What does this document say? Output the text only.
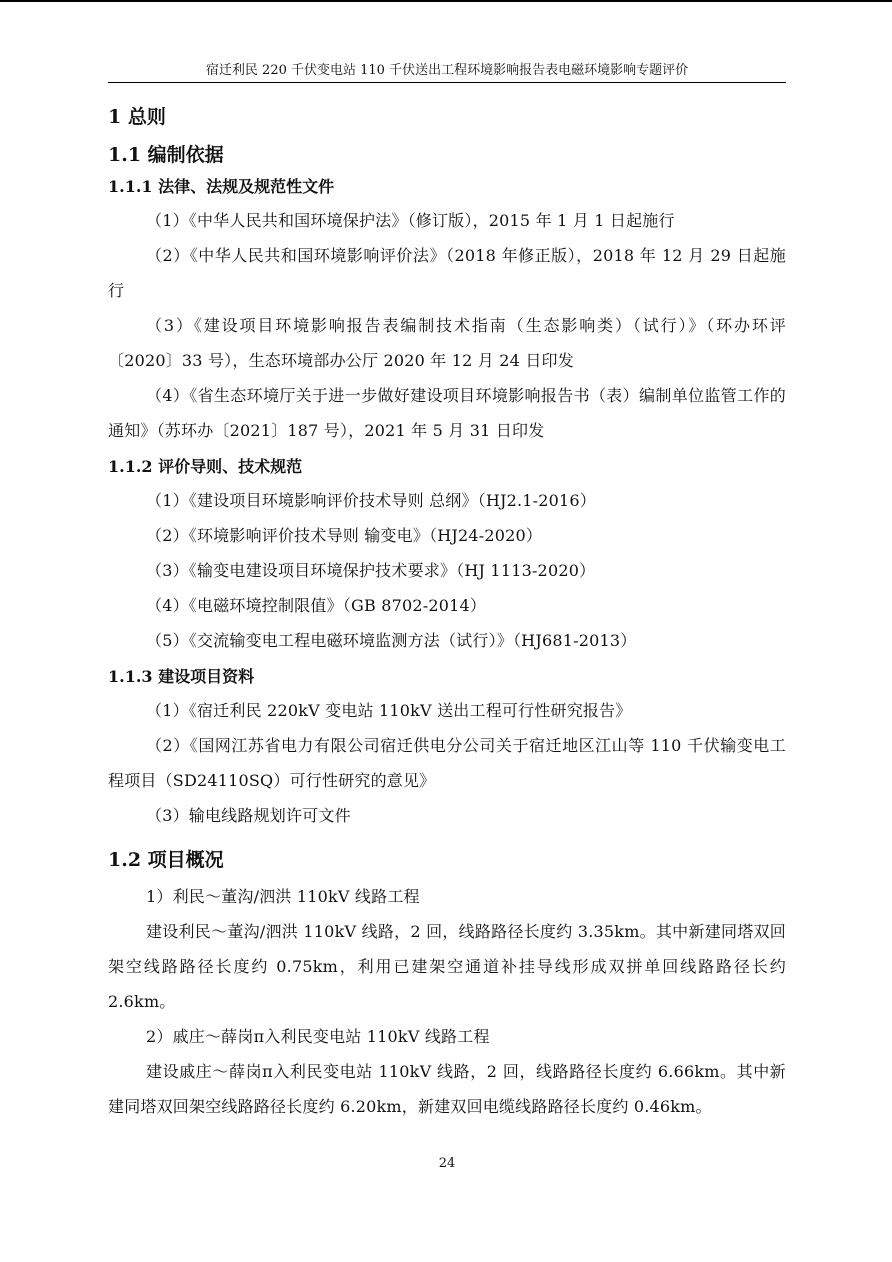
宿迁利民 220 千伏变电站 110 千伏送出工程环境影响报告表电磁环境影响专题评价
1 总则
1.1 编制依据
1.1.1 法律、法规及规范性文件

（1）《中华人民共和国环境保护法》（修订版），2015 年 1 月 1 日起施行

（2）《中华人民共和国环境影响评价法》（2018 年修正版），2018 年 12 月 29 日起施行

（3）《建设项目环境影响报告表编制技术指南（生态影响类）（试行）》（环办环评〔2020〕33 号），生态环境部办公厅 2020 年 12 月 24 日印发

（4）《省生态环境厅关于进一步做好建设项目环境影响报告书（表）编制单位监管工作的通知》（苏环办〔2021〕187 号），2021 年 5 月 31 日印发

1.1.2 评价导则、技术规范

（1）《建设项目环境影响评价技术导则 总纲》（HJ2.1-2016）

（2）《环境影响评价技术导则 输变电》（HJ24-2020）

（3）《输变电建设项目环境保护技术要求》（HJ 1113-2020）

（4）《电磁环境控制限值》（GB 8702-2014）

（5）《交流输变电工程电磁环境监测方法（试行）》（HJ681-2013）

1.1.3 建设项目资料

（1）《宿迁利民 220kV 变电站 110kV 送出工程可行性研究报告》

（2）《国网江苏省电力有限公司宿迁供电分公司关于宿迁地区江山等 110 千伏输变电工程项目（SD24110SQ）可行性研究的意见》

（3）输电线路规划许可文件

1.2 项目概况

1）利民～董沟/泗洪 110kV 线路工程

建设利民～董沟/泗洪 110kV 线路，2 回，线路路径长度约 3.35km。其中新建同塔双回架空线路路径长度约 0.75km，利用已建架空通道补挂导线形成双拼单回线路路径长约 2.6km。

2）戚庄～薛岗π入利民变电站 110kV 线路工程

建设戚庄～薛岗π入利民变电站 110kV 线路，2 回，线路路径长度约 6.66km。其中新建同塔双回架空线路路径长度约 6.20km，新建双回电缆线路路径长度约 0.46km。

24
